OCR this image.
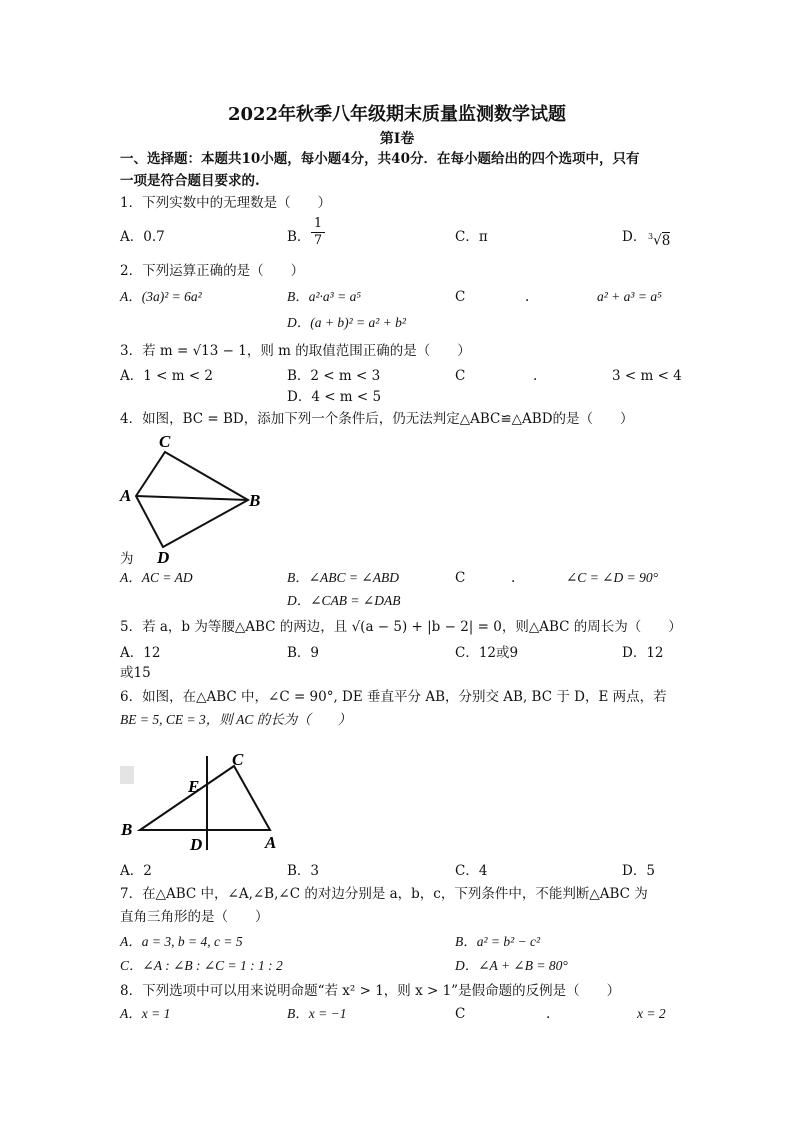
2022年秋季八年级期末质量监测数学试题
第Ⅰ卷
一、选择题：本题共10小题，每小题4分，共40分．在每小题给出的四个选项中，只有
一项是符合题目要求的.
1．下列实数中的无理数是（　　）
A．0.7	B． $\frac{1}{7}$	C．π	D． $^3$√8
2．下列运算正确的是（　　）
A．(3a)² = 6a²	B．a²·a³ = a⁵	C	.	a² + a³ = a⁵
D．(a + b)² = a² + b²
3．若 m = √13 − 1，则 m 的取值范围正确的是（　　）
A．1 < m < 2	B．2 < m < 3	C	.	3 < m < 4
D．4 < m < 5
4．如图，BC = BD，添加下列一个条件后，仍无法判定△ABC≌△ABD的是（　　）
C
A	B
D
为
A．AC = AD	B．∠ABC = ∠ABD	C	.	∠C = ∠D = 90°
D．∠CAB = ∠DAB
5．若 a，b 为等腰△ABC 的两边，且 √(a − 5) + |b − 2| = 0，则△ABC 的周长为（　　）
A．12	B．9	C．12或9	D．12
或15
6．如图，在△ABC 中，∠C = 90°, DE 垂直平分 AB，分别交 AB, BC 于 D，E 两点，若
BE = 5, CE = 3，则 AC 的长为（　　）
C
E
B
D	A
A．2	B．3	C．4	D．5
7．在△ABC 中，∠A,∠B,∠C 的对边分别是 a，b，c，下列条件中，不能判断△ABC 为
直角三角形的是（　　）
A．a = 3, b = 4, c = 5	B．a² = b² − c²
C．∠A : ∠B : ∠C = 1 : 1 : 2	D．∠A + ∠B = 80°
8．下列选项中可以用来说明命题“若 x² > 1，则 x > 1”是假命题的反例是（　　）
A．x = 1	B．x = −1	C	.	x = 2
